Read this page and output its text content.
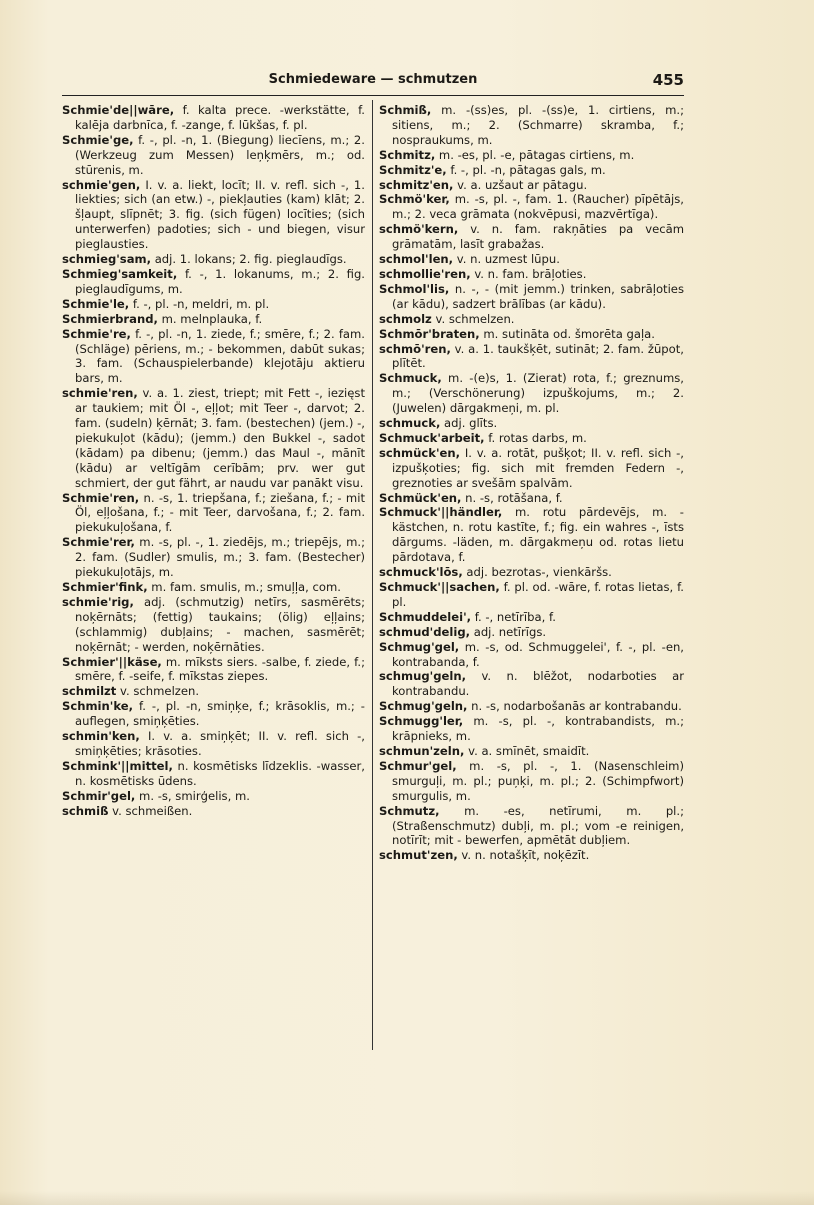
Schmiedeware — schmutzen	455

Schmie'de||wāre, f. kalta prece. -werkstätte, f. kalēja darbnīca, f. -zange, f. lūkšas, f. pl.

Schmie'ge, f. -, pl. -n, 1. (Biegung) liecīens, m.; 2. (Werkzeug zum Messen) leņķmērs, m.; od. stūrenis, m.

schmie'gen, I. v. a. liekt, locīt; II. v. refl. sich -, 1. liekties; sich (an etw.) -, piekļauties (kam) klāt; 2. šļaupt, slīpnēt; 3. fig. (sich fügen) locīties; (sich unterwerfen) padoties; sich - und biegen, visur pieglausties.

schmieg'sam, adj. 1. lokans; 2. fig. pieglaudīgs.

Schmieg'samkeit, f. -, 1. lokanums, m.; 2. fig. pieglaudīgums, m.

Schmie'le, f. -, pl. -n, meldri, m. pl.

Schmierbrand, m. melnplauka, f.

Schmie're, f. -, pl. -n, 1. ziede, f.; smēre, f.; 2. fam. (Schläge) pēriens, m.; - bekommen, dabūt sukas; 3. fam. (Schauspielerbande) klejotāju aktieru bars, m.

schmie'ren, v. a. 1. ziest, triept; mit Fett -, iezięst ar taukiem; mit Öl -, eļļot; mit Teer -, darvot; 2. fam. (sudeln) ķērnāt; 3. fam. (bestechen) (jem.) -, piekukuļot (kādu); (jemm.) den Bukkel -, sadot (kādam) pa dibenu; (jemm.) das Maul -, mānīt (kādu) ar veltīgām cerībām; prv. wer gut schmiert, der gut fährt, ar naudu var panākt visu.

Schmie'ren, n. -s, 1. triepšana, f.; ziešana, f.; - mit Öl, eļļošana, f.; - mit Teer, darvošana, f.; 2. fam. piekukuļošana, f.

Schmie'rer, m. -s, pl. -, 1. ziedējs, m.; triepējs, m.; 2. fam. (Sudler) smulis, m.; 3. fam. (Bestecher) piekukuļotājs, m.

Schmier'fink, m. fam. smulis, m.; smuļļa, com.

schmie'rig, adj. (schmutzig) netīrs, sasmērēts; noķērnāts; (fettig) taukains; (ölig) eļļains; (schlammig) dubļains; - machen, sasmērēt; noķērnāt; - werden, noķērnāties.

Schmier'||käse, m. mīksts siers. -salbe, f. ziede, f.; smēre, f. -seife, f. mīkstas ziepes.

schmilzt v. schmelzen.

Schmin'ke, f. -, pl. -n, smiņķe, f.; krāsoklis, m.; - auflegen, smiņķēties.

schmin'ken, I. v. a. smiņķēt; II. v. refl. sich -, smiņķēties; krāsoties.

Schmink'||mittel, n. kosmētisks līdzeklis. -wasser, n. kosmētisks ūdens.

Schmir'gel, m. -s, smirģelis, m.

schmiß v. schmeißen.

Schmiß, m. -(ss)es, pl. -(ss)e, 1. cirtiens, m.; sitiens, m.; 2. (Schmarre) skramba, f.; nospraukums, m.

Schmitz, m. -es, pl. -e, pātagas cirtiens, m.

Schmitz'e, f. -, pl. -n, pātagas gals, m.

schmitz'en, v. a. uzšaut ar pātagu.

Schmö'ker, m. -s, pl. -, fam. 1. (Raucher) pīpētājs, m.; 2. veca grāmata (nokvēpusi, mazvērtīga).

schmö'kern, v. n. fam. rakņāties pa vecām grāmatām, lasīt grabažas.

schmol'len, v. n. uzmest lūpu.

schmollie'ren, v. n. fam. brāļoties.

Schmol'lis, n. -, - (mit jemm.) trinken, sabrāļoties (ar kādu), sadzert brālības (ar kādu).

schmolz v. schmelzen.

Schmōr'braten, m. sutināta od. šmorēta gaļa.

schmō'ren, v. a. 1. taukšķēt, sutināt; 2. fam. žūpot, plītēt.

Schmuck, m. -(e)s, 1. (Zierat) rota, f.; greznums, m.; (Verschönerung) izpuškojums, m.; 2. (Juwelen) dārgakmeņi, m. pl.

schmuck, adj. glīts.

Schmuck'arbeit, f. rotas darbs, m.

schmück'en, I. v. a. rotāt, pušķot; II. v. refl. sich -, izpušķoties; fig. sich mit fremden Federn -, greznoties ar svešām spalvām.

Schmück'en, n. -s, rotāšana, f.

Schmuck'||händler, m. rotu pārdevējs, m. -kästchen, n. rotu kastīte, f.; fig. ein wahres -, īsts dārgums. -läden, m. dārgakmeņu od. rotas lietu pārdotava, f.

schmuck'lōs, adj. bezrotas-, vienkāršs.

Schmuck'||sachen, f. pl. od. -wāre, f. rotas lietas, f. pl.

Schmuddelei', f. -, netīrība, f.

schmud'delig, adj. netīrīgs.

Schmug'gel, m. -s, od. Schmuggelei', f. -, pl. -en, kontrabanda, f.

schmug'geln, v. n. blēžot, nodarboties ar kontrabandu.

Schmug'geln, n. -s, nodarbošanās ar kontrabandu.

Schmugg'ler, m. -s, pl. -, kontrabandists, m.; krāpnieks, m.

schmun'zeln, v. a. smīnēt, smaidīt.

Schmur'gel, m. -s, pl. -, 1. (Nasenschleim) smurguļi, m. pl.; puņķi, m. pl.; 2. (Schimpfwort) smurgulis, m.

Schmutz, m. -es, netīrumi, m. pl.; (Straßenschmutz) dubļi, m. pl.; vom -e reinigen, notīrīt; mit - bewerfen, apmētāt dubļiem.

schmut'zen, v. n. notašķīt, noķēzīt.
